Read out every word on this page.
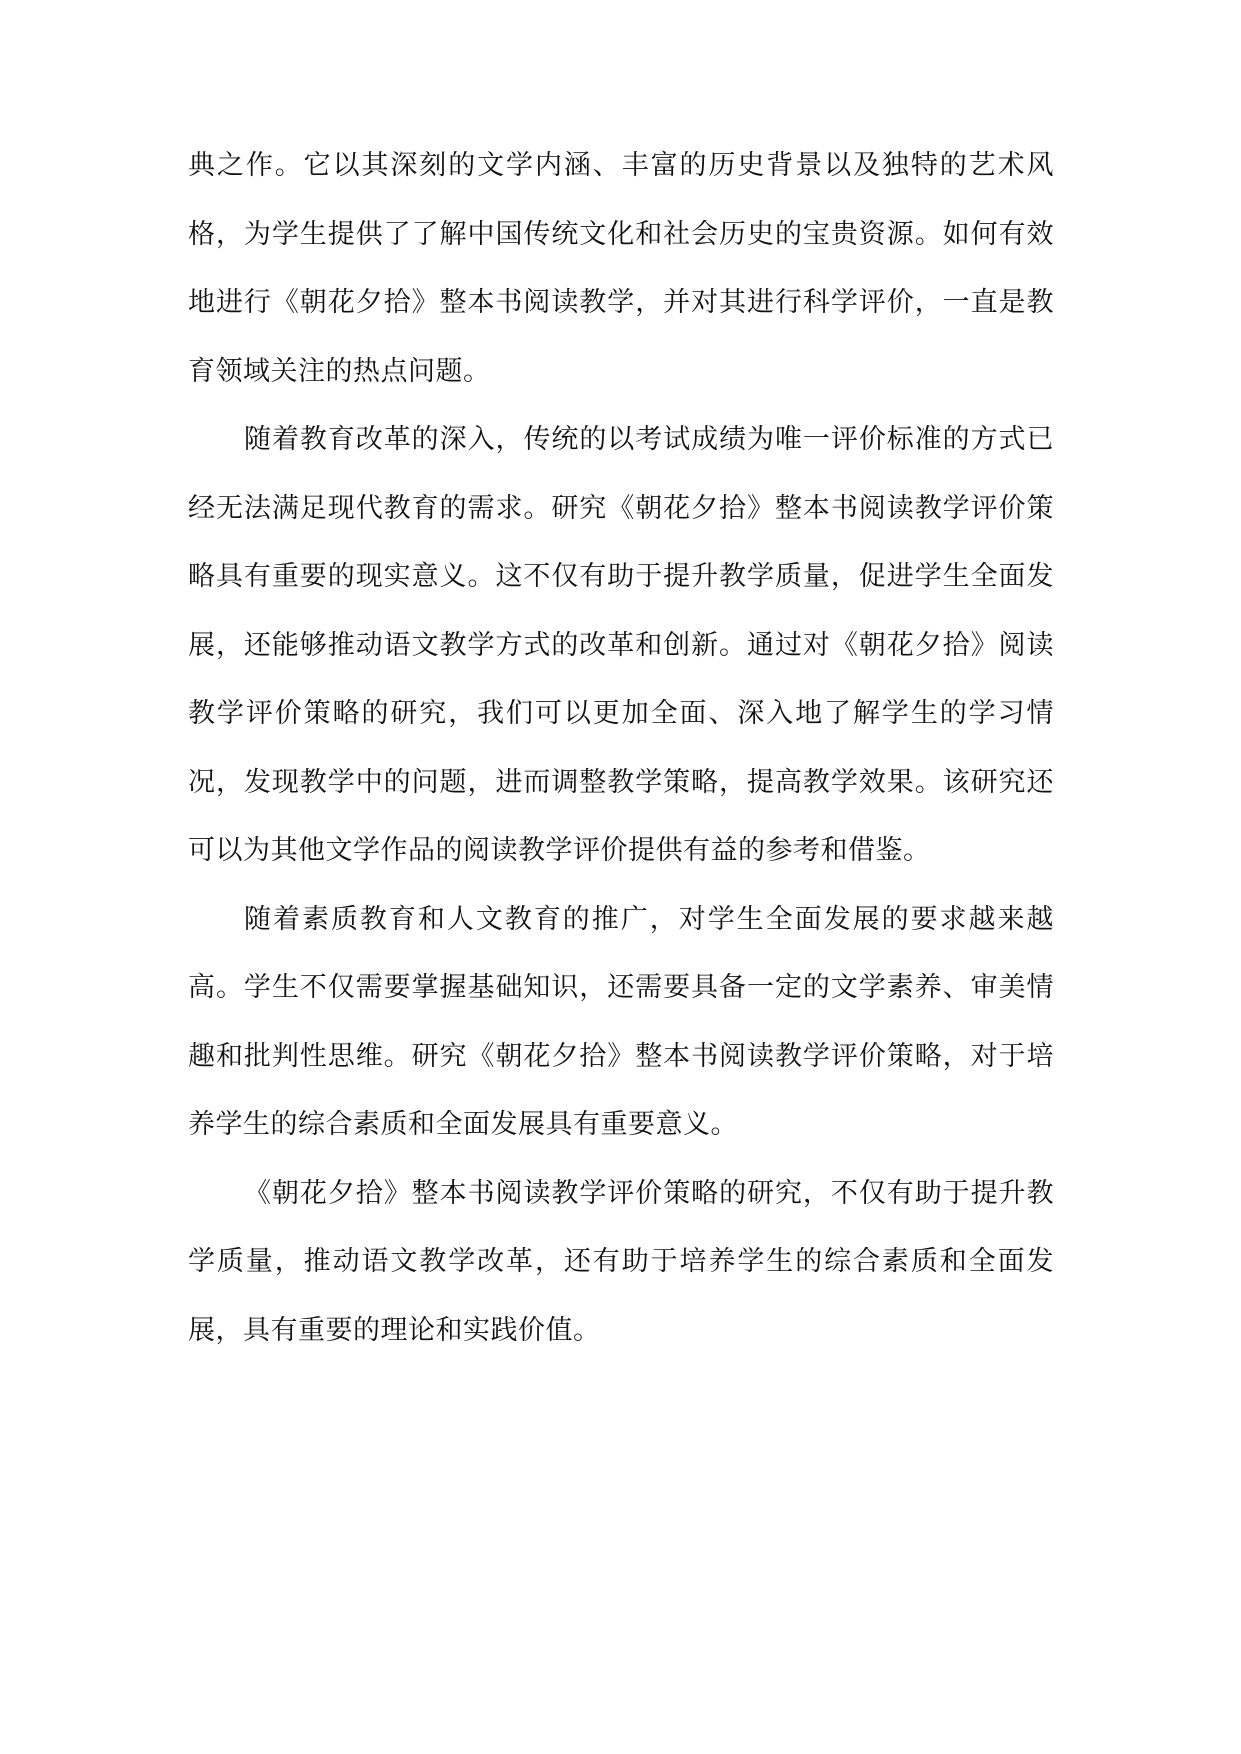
典之作。它以其深刻的文学内涵、丰富的历史背景以及独特的艺术风格，为学生提供了了解中国传统文化和社会历史的宝贵资源。如何有效地进行《朝花夕拾》整本书阅读教学，并对其进行科学评价，一直是教育领域关注的热点问题。

随着教育改革的深入，传统的以考试成绩为唯一评价标准的方式已经无法满足现代教育的需求。研究《朝花夕拾》整本书阅读教学评价策略具有重要的现实意义。这不仅有助于提升教学质量，促进学生全面发展，还能够推动语文教学方式的改革和创新。通过对《朝花夕拾》阅读教学评价策略的研究，我们可以更加全面、深入地了解学生的学习情况，发现教学中的问题，进而调整教学策略，提高教学效果。该研究还可以为其他文学作品的阅读教学评价提供有益的参考和借鉴。

随着素质教育和人文教育的推广，对学生全面发展的要求越来越高。学生不仅需要掌握基础知识，还需要具备一定的文学素养、审美情趣和批判性思维。研究《朝花夕拾》整本书阅读教学评价策略，对于培养学生的综合素质和全面发展具有重要意义。

《朝花夕拾》整本书阅读教学评价策略的研究，不仅有助于提升教学质量，推动语文教学改革，还有助于培养学生的综合素质和全面发展，具有重要的理论和实践价值。
